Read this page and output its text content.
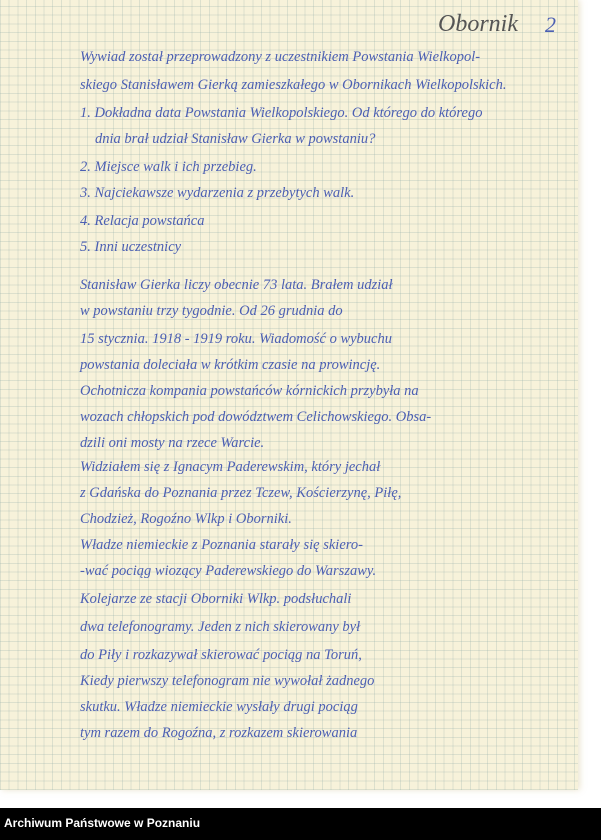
Obornik 2
Wywiad został przeprowadzony z uczestnikiem Powstania Wielkopol-
skiego Stanisławem Gierką zamieszkałego w Obornikach Wielkopolskich.
1. Dokładna data Powstania Wielkopolskiego. Od którego do którego
dnia brał udział Stanisław Gierka w powstaniu?
2. Miejsce walk i ich przebieg.
3. Najciekawsze wydarzenia z przebytych walk.
4. Relacja powstańca
5. Inni uczestnicy
Stanisław Gierka liczy obecnie 73 lata. Brałem udział
w powstaniu trzy tygodnie. Od 26 grudnia do
15 stycznia. 1918 - 1919 roku. Wiadomość o wybuchu
powstania doleciała w krótkim czasie na prowincję.
Ochotnicza kompania powstańców kórnickich przybyła na
wozach chłopskich pod dowództwem Celichowskiego. Obsa-
dzili oni mosty na rzece Warcie.
Widziałem się z Ignacym Paderewskim, który jechał
z Gdańska do Poznania przez Tczew, Kościerzynę, Piłę,
Chodzież, Rogoźno Wlkp i Oborniki.
Władze niemieckie z Poznania starały się skiero-
-wać pociąg wiozący Paderewskiego do Warszawy.
Kolejarze ze stacji Oborniki Wlkp. podsłuchali
dwa telefonogramy. Jeden z nich skierowany był
do Piły i rozkazywał skierować pociąg na Toruń,
Kiedy pierwszy telefonogram nie wywołał żadnego
skutku. Władze niemieckie wysłały drugi pociąg
tym razem do Rogoźna, z rozkazem skierowania
Archiwum Państwowe w Poznaniu
